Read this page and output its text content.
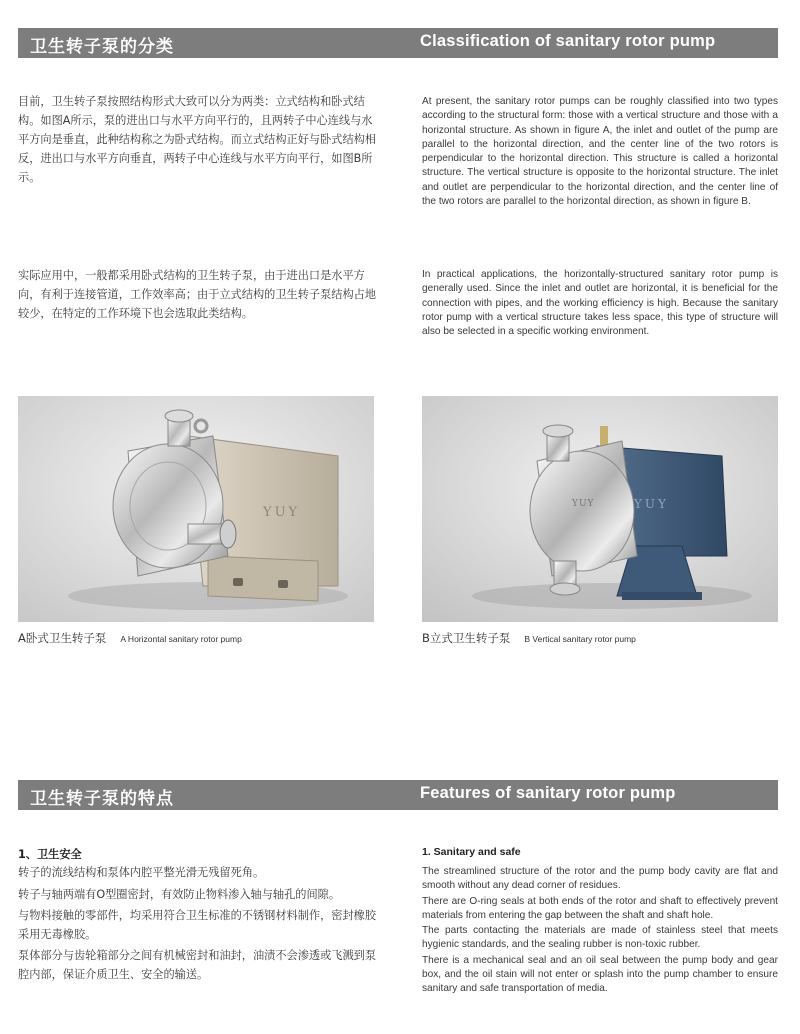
卫生转子泵的分类	Classification of sanitary rotor pump
目前，卫生转子泵按照结构形式大致可以分为两类：立式结构和卧式结构。如图A所示，泵的进出口与水平方向平行的，且两转子中心连线与水平方向是垂直，此种结构称之为卧式结构。而立式结构正好与卧式结构相反，进出口与水平方向垂直，两转子中心连线与水平方向平行，如图B所示。
At present, the sanitary rotor pumps can be roughly classified into two types according to the structural form: those with a vertical structure and those with a horizontal structure. As shown in figure A, the inlet and outlet of the pump are parallel to the horizontal direction, and the center line of the two rotors is perpendicular to the horizontal direction. This structure is called a horizontal structure. The vertical structure is opposite to the horizontal structure. The inlet and outlet are perpendicular to the horizontal direction, and the center line of the two rotors are parallel to the horizontal direction, as shown in figure B.
实际应用中，一般都采用卧式结构的卫生转子泵，由于进出口是水平方向，有利于连接管道，工作效率高；由于立式结构的卫生转子泵结构占地较少，在特定的工作环境下也会选取此类结构。
In practical applications, the horizontally-structured sanitary rotor pump is generally used. Since the inlet and outlet are horizontal, it is beneficial for the connection with pipes, and the working efficiency is high. Because the sanitary rotor pump with a vertical structure takes less space, this type of structure will also be selected in a specific working environment.
YUY
YUY
YUY
A卧式卫生转子泵 A Horizontal sanitary rotor pump	B立式卫生转子泵 B Vertical sanitary rotor pump
卫生转子泵的特点	Features of sanitary rotor pump
1、卫生安全	1. Sanitary and safe

转子的流线结构和泵体内腔平整光滑无残留死角。

转子与轴两端有O型圈密封，有效防止物料渗入轴与轴孔的间隙。

与物料接触的零部件，均采用符合卫生标准的不锈钢材料制作，密封橡胶采用无毒橡胶。

泵体部分与齿轮箱部分之间有机械密封和油封，油渍不会渗透或飞溅到泵腔内部，保证介质卫生、安全的输送。

The streamlined structure of the rotor and the pump body cavity are flat and smooth without any dead corner of residues.

There are O-ring seals at both ends of the rotor and shaft to effectively prevent materials from entering the gap between the shaft and shaft hole.

The parts contacting the materials are made of stainless steel that meets hygienic standards, and the sealing rubber is non-toxic rubber.

There is a mechanical seal and an oil seal between the pump body and gear box, and the oil stain will not enter or splash into the pump chamber to ensure sanitary and safe transportation of media.
